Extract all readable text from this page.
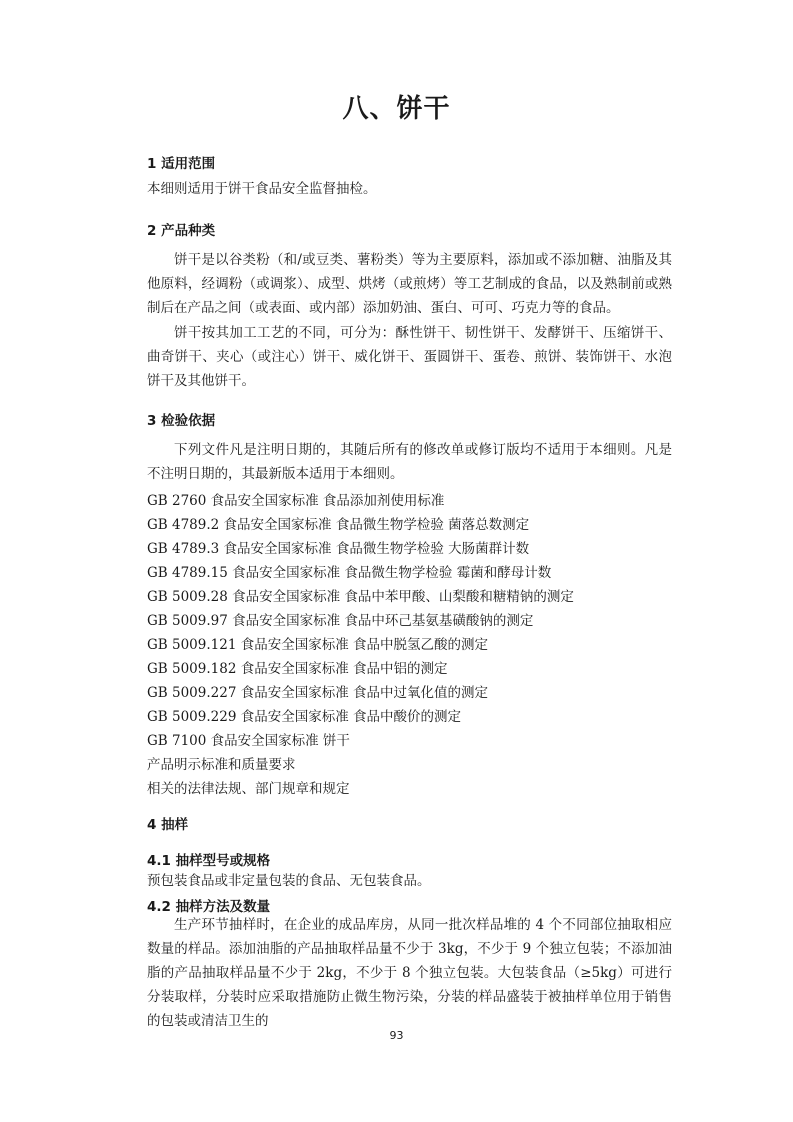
八、饼干
1 适用范围
本细则适用于饼干食品安全监督抽检。
2 产品种类
饼干是以谷类粉（和/或豆类、薯粉类）等为主要原料，添加或不添加糖、油脂及其他原料，经调粉（或调浆）、成型、烘烤（或煎烤）等工艺制成的食品，以及熟制前或熟制后在产品之间（或表面、或内部）添加奶油、蛋白、可可、巧克力等的食品。
饼干按其加工工艺的不同，可分为：酥性饼干、韧性饼干、发酵饼干、压缩饼干、曲奇饼干、夹心（或注心）饼干、威化饼干、蛋圆饼干、蛋卷、煎饼、装饰饼干、水泡饼干及其他饼干。
3 检验依据
下列文件凡是注明日期的，其随后所有的修改单或修订版均不适用于本细则。凡是不注明日期的，其最新版本适用于本细则。
GB 2760 食品安全国家标准 食品添加剂使用标准
GB 4789.2 食品安全国家标准 食品微生物学检验 菌落总数测定
GB 4789.3 食品安全国家标准 食品微生物学检验 大肠菌群计数
GB 4789.15 食品安全国家标准 食品微生物学检验 霉菌和酵母计数
GB 5009.28 食品安全国家标准 食品中苯甲酸、山梨酸和糖精钠的测定
GB 5009.97 食品安全国家标准 食品中环己基氨基磺酸钠的测定
GB 5009.121 食品安全国家标准 食品中脱氢乙酸的测定
GB 5009.182 食品安全国家标准 食品中铝的测定
GB 5009.227 食品安全国家标准 食品中过氧化值的测定
GB 5009.229 食品安全国家标准 食品中酸价的测定
GB 7100 食品安全国家标准 饼干
产品明示标准和质量要求
相关的法律法规、部门规章和规定
4 抽样
4.1 抽样型号或规格
预包装食品或非定量包装的食品、无包装食品。
4.2 抽样方法及数量
生产环节抽样时，在企业的成品库房，从同一批次样品堆的 4 个不同部位抽取相应数量的样品。添加油脂的产品抽取样品量不少于 3kg，不少于 9 个独立包装；不添加油脂的产品抽取样品量不少于 2kg，不少于 8 个独立包装。大包装食品（≥5kg）可进行分装取样，分装时应采取措施防止微生物污染，分装的样品盛装于被抽样单位用于销售的包装或清洁卫生的
93
